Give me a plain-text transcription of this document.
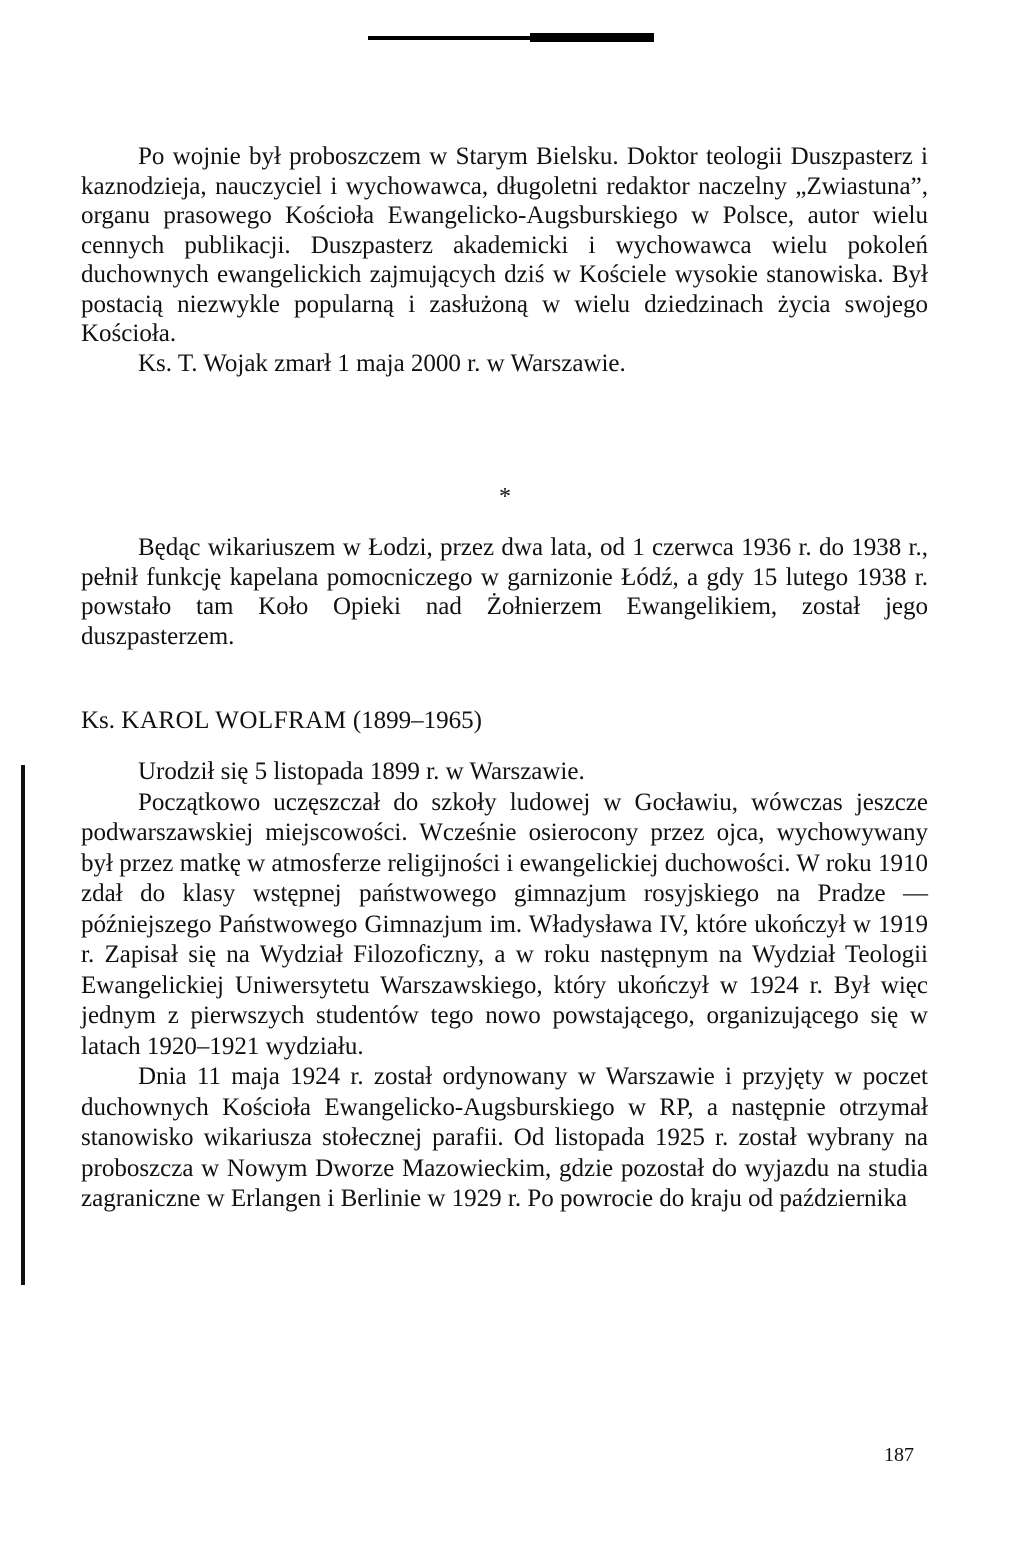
Po wojnie był proboszczem w Starym Bielsku. Doktor teologii Duszpasterz i kaznodzieja, nauczyciel i wychowawca, długoletni redaktor naczelny „Zwiastuna”, organu prasowego Kościoła Ewangelicko-Augsburskiego w Polsce, autor wielu cennych publikacji. Duszpasterz akademicki i wychowawca wielu pokoleń duchownych ewangelickich zajmujących dziś w Kościele wysokie stanowiska. Był postacią niezwykle popularną i zasłużoną w wielu dziedzinach życia swojego Kościoła.

Ks. T. Wojak zmarł 1 maja 2000 r. w Warszawie.

*

Będąc wikariuszem w Łodzi, przez dwa lata, od 1 czerwca 1936 r. do 1938 r., pełnił funkcję kapelana pomocniczego w garnizonie Łódź, a gdy 15 lutego 1938 r. powstało tam Koło Opieki nad Żołnierzem Ewangelikiem, został jego duszpasterzem.

Ks. KAROL WOLFRAM (1899–1965)

Urodził się 5 listopada 1899 r. w Warszawie.

Początkowo uczęszczał do szkoły ludowej w Gocławiu, wówczas jeszcze podwarszawskiej miejscowości. Wcześnie osierocony przez ojca, wychowywany był przez matkę w atmosferze religijności i ewangelickiej duchowości. W roku 1910 zdał do klasy wstępnej państwowego gimnazjum rosyjskiego na Pradze — późniejszego Państwowego Gimnazjum im. Władysława IV, które ukończył w 1919 r. Zapisał się na Wydział Filozoficzny, a w roku następnym na Wydział Teologii Ewangelickiej Uniwersytetu Warszawskiego, który ukończył w 1924 r. Był więc jednym z pierwszych studentów tego nowo powstającego, organizującego się w latach 1920–1921 wydziału.

Dnia 11 maja 1924 r. został ordynowany w Warszawie i przyjęty w poczet duchownych Kościoła Ewangelicko-Augsburskiego w RP, a następnie otrzymał stanowisko wikariusza stołecznej parafii. Od listopada 1925 r. został wybrany na proboszcza w Nowym Dworze Mazowieckim, gdzie pozostał do wyjazdu na studia zagraniczne w Erlangen i Berlinie w 1929 r. Po powrocie do kraju od października

187
